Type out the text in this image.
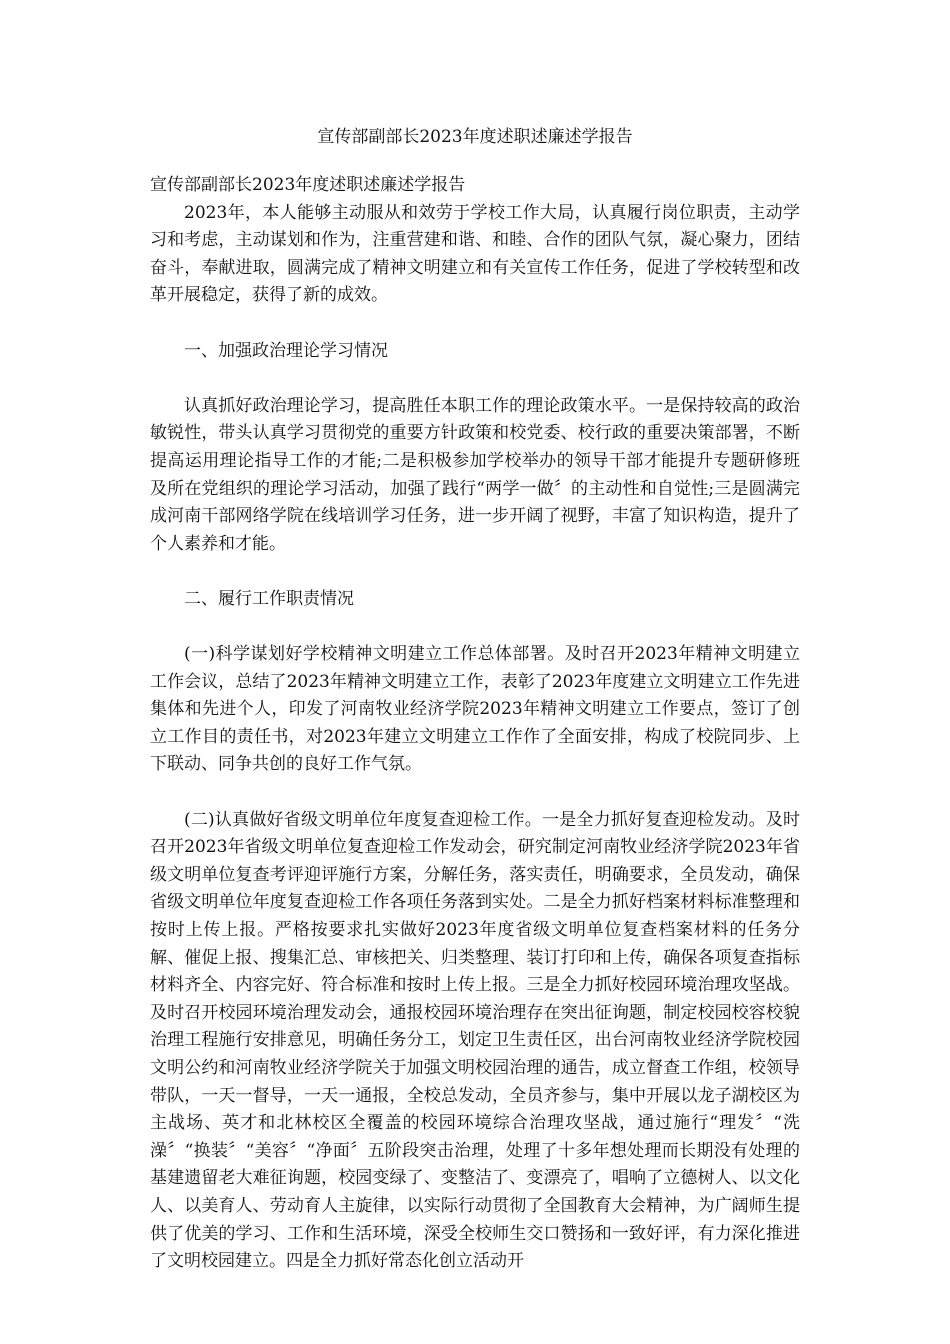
宣传部副部长2023年度述职述廉述学报告

宣传部副部长2023年度述职述廉述学报告

2023年，本人能够主动服从和效劳于学校工作大局，认真履行岗位职责，主动学习和考虑，主动谋划和作为，注重营建和谐、和睦、合作的团队气氛，凝心聚力，团结奋斗，奉献进取，圆满完成了精神文明建立和有关宣传工作任务，促进了学校转型和改革开展稳定，获得了新的成效。

一、加强政治理论学习情况

认真抓好政治理论学习，提高胜任本职工作的理论政策水平。一是保持较高的政治敏锐性，带头认真学习贯彻党的重要方针政策和校党委、校行政的重要决策部署，不断提高运用理论指导工作的才能;二是积极参加学校举办的领导干部才能提升专题研修班及所在党组织的理论学习活动，加强了践行“两学一做〞的主动性和自觉性;三是圆满完成河南干部网络学院在线培训学习任务，进一步开阔了视野，丰富了知识构造，提升了个人素养和才能。

二、履行工作职责情况

(一)科学谋划好学校精神文明建立工作总体部署。及时召开2023年精神文明建立工作会议，总结了2023年精神文明建立工作，表彰了2023年度建立文明建立工作先进集体和先进个人，印发了河南牧业经济学院2023年精神文明建立工作要点，签订了创立工作目的责任书，对2023年建立文明建立工作作了全面安排，构成了校院同步、上下联动、同争共创的良好工作气氛。

(二)认真做好省级文明单位年度复查迎检工作。一是全力抓好复查迎检发动。及时召开2023年省级文明单位复查迎检工作发动会，研究制定河南牧业经济学院2023年省级文明单位复查考评迎评施行方案，分解任务，落实责任，明确要求，全员发动，确保省级文明单位年度复查迎检工作各项任务落到实处。二是全力抓好档案材料标准整理和按时上传上报。严格按要求扎实做好2023年度省级文明单位复查档案材料的任务分解、催促上报、搜集汇总、审核把关、归类整理、装订打印和上传，确保各项复查指标材料齐全、内容完好、符合标准和按时上传上报。三是全力抓好校园环境治理攻坚战。及时召开校园环境治理发动会，通报校园环境治理存在突出征询题，制定校园校容校貌治理工程施行安排意见，明确任务分工，划定卫生责任区，出台河南牧业经济学院校园文明公约和河南牧业经济学院关于加强文明校园治理的通告，成立督查工作组，校领导带队，一天一督导，一天一通报，全校总发动，全员齐参与，集中开展以龙子湖校区为主战场、英才和北林校区全覆盖的校园环境综合治理攻坚战，通过施行“理发〞“洗澡〞“换装〞“美容〞“净面〞五阶段突击治理，处理了十多年想处理而长期没有处理的基建遗留老大难征询题，校园变绿了、变整洁了、变漂亮了，唱响了立德树人、以文化人、以美育人、劳动育人主旋律，以实际行动贯彻了全国教育大会精神，为广阔师生提供了优美的学习、工作和生活环境，深受全校师生交口赞扬和一致好评，有力深化推进了文明校园建立。四是全力抓好常态化创立活动开
